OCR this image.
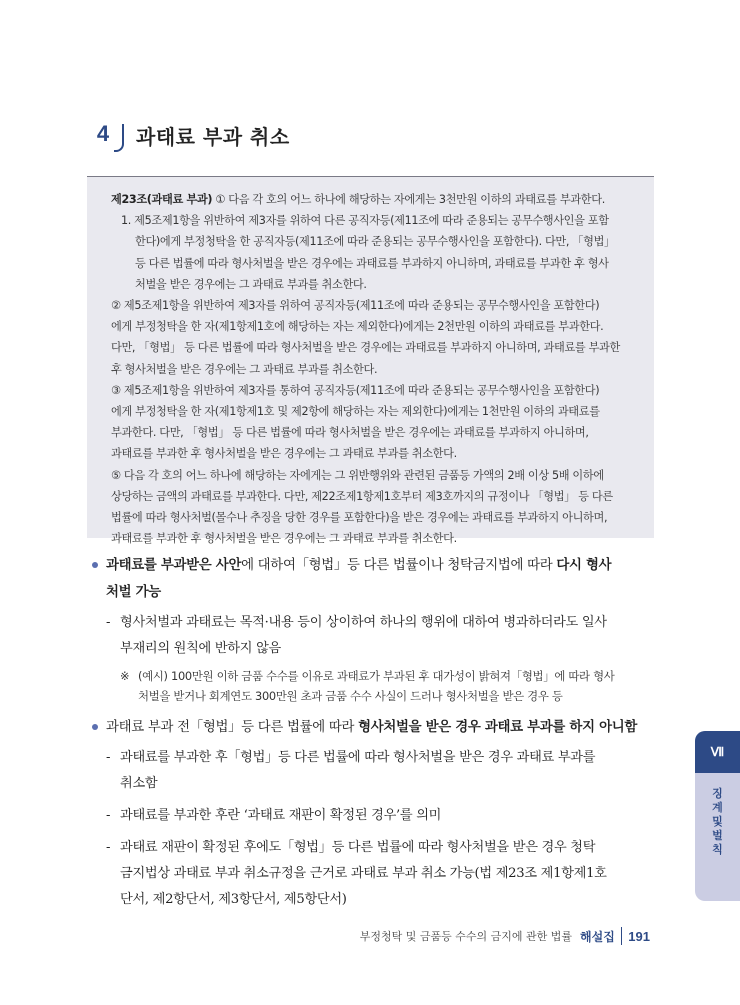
4	과태료 부과 취소

제23조(과태료 부과) ① 다음 각 호의 어느 하나에 해당하는 자에게는 3천만원 이하의 과태료를 부과한다.

1. 제5조제1항을 위반하여 제3자를 위하여 다른 공직자등(제11조에 따라 준용되는 공무수행사인을 포함

한다)에게 부정청탁을 한 공직자등(제11조에 따라 준용되는 공무수행사인을 포함한다). 다만, 「형법」

등 다른 법률에 따라 형사처벌을 받은 경우에는 과태료를 부과하지 아니하며, 과태료를 부과한 후 형사

처벌을 받은 경우에는 그 과태료 부과를 취소한다.

② 제5조제1항을 위반하여 제3자를 위하여 공직자등(제11조에 따라 준용되는 공무수행사인을 포함한다)

에게 부정청탁을 한 자(제1항제1호에 해당하는 자는 제외한다)에게는 2천만원 이하의 과태료를 부과한다.

다만, 「형법」 등 다른 법률에 따라 형사처벌을 받은 경우에는 과태료를 부과하지 아니하며, 과태료를 부과한

후 형사처벌을 받은 경우에는 그 과태료 부과를 취소한다.

③ 제5조제1항을 위반하여 제3자를 통하여 공직자등(제11조에 따라 준용되는 공무수행사인을 포함한다)

에게 부정청탁을 한 자(제1항제1호 및 제2항에 해당하는 자는 제외한다)에게는 1천만원 이하의 과태료를

부과한다. 다만, 「형법」 등 다른 법률에 따라 형사처벌을 받은 경우에는 과태료를 부과하지 아니하며,

과태료를 부과한 후 형사처벌을 받은 경우에는 그 과태료 부과를 취소한다.

⑤ 다음 각 호의 어느 하나에 해당하는 자에게는 그 위반행위와 관련된 금품등 가액의 2배 이상 5배 이하에

상당하는 금액의 과태료를 부과한다. 다만, 제22조제1항제1호부터 제3호까지의 규정이나 「형법」 등 다른

법률에 따라 형사처벌(몰수나 추징을 당한 경우를 포함한다)을 받은 경우에는 과태료를 부과하지 아니하며,

과태료를 부과한 후 형사처벌을 받은 경우에는 그 과태료 부과를 취소한다.

과태료를 부과받은 사안에 대하여「형법」등 다른 법률이나 청탁금지법에 따라 다시 형사
처벌 가능
- 형사처벌과 과태료는 목적·내용 등이 상이하여 하나의 행위에 대하여 병과하더라도 일사
부재리의 원칙에 반하지 않음
※ (예시) 100만원 이하 금품 수수를 이유로 과태료가 부과된 후 대가성이 밝혀져「형법」에 따라 형사
처벌을 받거나 회계연도 300만원 초과 금품 수수 사실이 드러나 형사처벌을 받은 경우 등
과태료 부과 전「형법」등 다른 법률에 따라 형사처벌을 받은 경우 과태료 부과를 하지 아니함
- 과태료를 부과한 후「형법」등 다른 법률에 따라 형사처벌을 받은 경우 과태료 부과를
취소함
- 과태료를 부과한 후란 ‘과태료 재판이 확정된 경우’를 의미
- 과태료 재판이 확정된 후에도「형법」등 다른 법률에 따라 형사처벌을 받은 경우 청탁
금지법상 과태료 부과 취소규정을 근거로 과태료 부과 취소 가능(법 제23조 제1항제1호
단서, 제2항단서, 제3항단서, 제5항단서)
Ⅶ
징계 및 벌칙
부정청탁 및 금품등 수수의 금지에 관한 법률 해설집 191
